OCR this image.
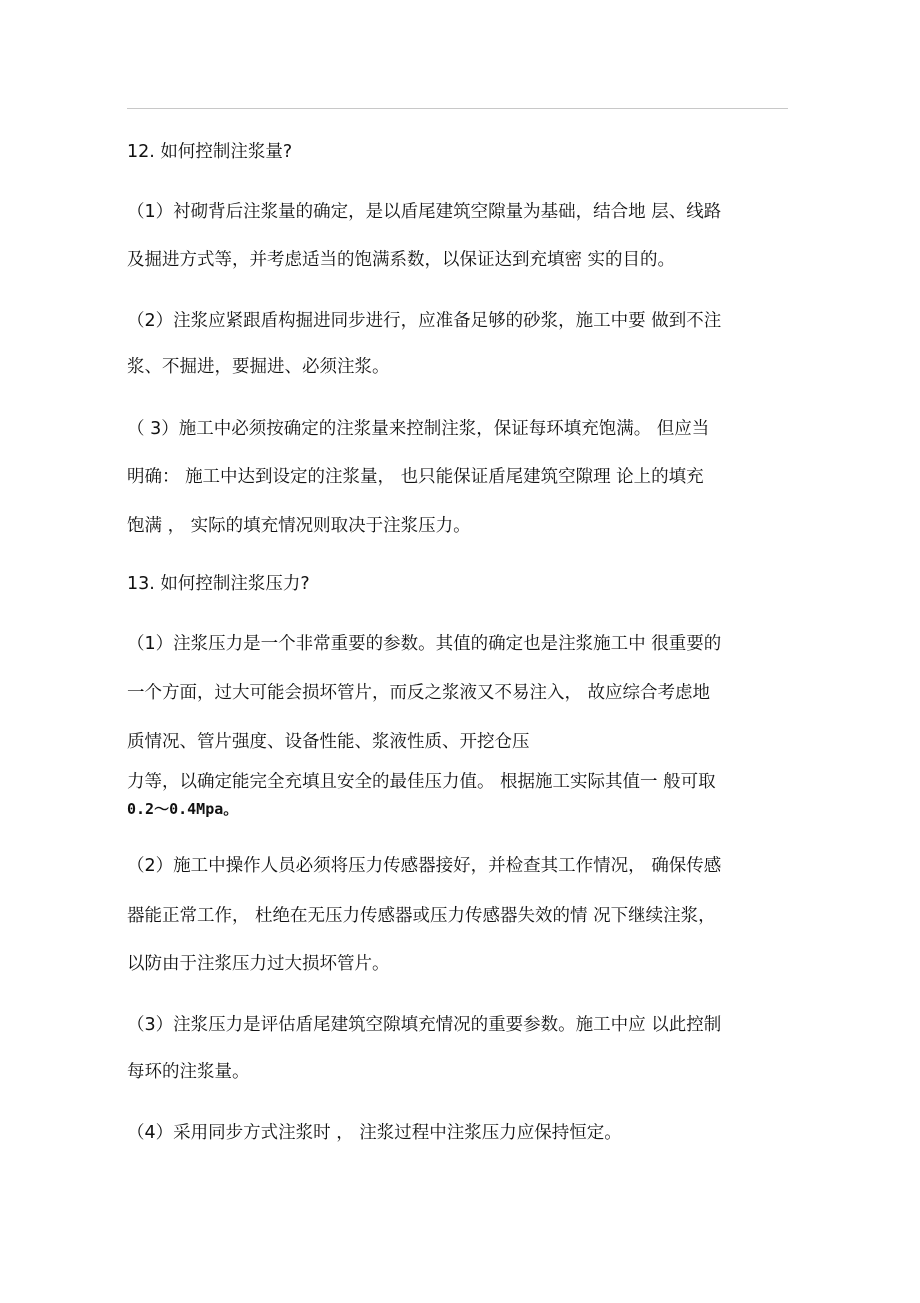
12. 如何控制注浆量?
（1）衬砌背后注浆量的确定，是以盾尾建筑空隙量为基础，结合地 层、线路
及掘进方式等，并考虑适当的饱满系数，以保证达到充填密 实的目的。
（2）注浆应紧跟盾构掘进同步进行，应准备足够的砂浆，施工中要 做到不注
浆、不掘进，要掘进、必须注浆。
（ 3）施工中必须按确定的注浆量来控制注浆，保证每环填充饱满。 但应当
明确： 施工中达到设定的注浆量， 也只能保证盾尾建筑空隙理 论上的填充
饱满 ， 实际的填充情况则取决于注浆压力。
13. 如何控制注浆压力?
（1）注浆压力是一个非常重要的参数。其值的确定也是注浆施工中 很重要的
一个方面，过大可能会损坏管片，而反之浆液又不易注入， 故应综合考虑地
质情况、管片强度、设备性能、浆液性质、开挖仓压
力等，以确定能完全充填且安全的最佳压力值。 根据施工实际其值一 般可取
0.2～0.4Mpa。
（2）施工中操作人员必须将压力传感器接好，并检查其工作情况， 确保传感
器能正常工作， 杜绝在无压力传感器或压力传感器失效的情 况下继续注浆，
以防由于注浆压力过大损坏管片。
（3）注浆压力是评估盾尾建筑空隙填充情况的重要参数。施工中应 以此控制
每环的注浆量。
（4）采用同步方式注浆时 ， 注浆过程中注浆压力应保持恒定。
